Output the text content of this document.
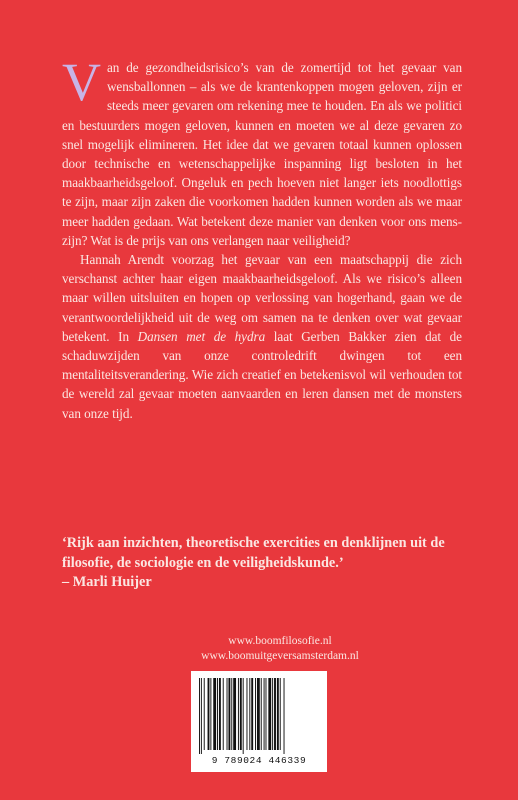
Van de gezondheidsrisico’s van de zomertijd tot het gevaar van wensballonnen – als we de krantenkoppen mogen geloven, zijn er steeds meer gevaren om rekening mee te houden. En als we politici en bestuurders mogen geloven, kunnen en moeten we al deze gevaren zo snel mogelijk elimineren. Het idee dat we gevaren totaal kunnen oplossen door technische en wetenschappelijke inspanning ligt besloten in het maakbaarheidsgeloof. Ongeluk en pech hoeven niet langer iets noodlottigs te zijn, maar zijn zaken die voorkomen hadden kunnen worden als we maar meer hadden gedaan. Wat betekent deze manier van denken voor ons mens-zijn? Wat is de prijs van ons verlangen naar veiligheid?

Hannah Arendt voorzag het gevaar van een maatschappij die zich verschanst achter haar eigen maakbaarheidsgeloof. Als we risico’s alleen maar willen uitsluiten en hopen op verlossing van hogerhand, gaan we de verantwoordelijkheid uit de weg om samen na te denken over wat gevaar betekent. In Dansen met de hydra laat Gerben Bakker zien dat de schaduwzijden van onze controledrift dwingen tot een mentaliteitsverandering. Wie zich creatief en betekenisvol wil verhouden tot de wereld zal gevaar moeten aanvaarden en leren dansen met de monsters van onze tijd.

‘Rijk aan inzichten, theoretische exercities en denklijnen uit de filosofie, de sociologie en de veiligheidskunde.’
– Marli Huijer
www.boomfilosofie.nl
www.boomuitgeversamsterdam.nl
9 789024 446339
